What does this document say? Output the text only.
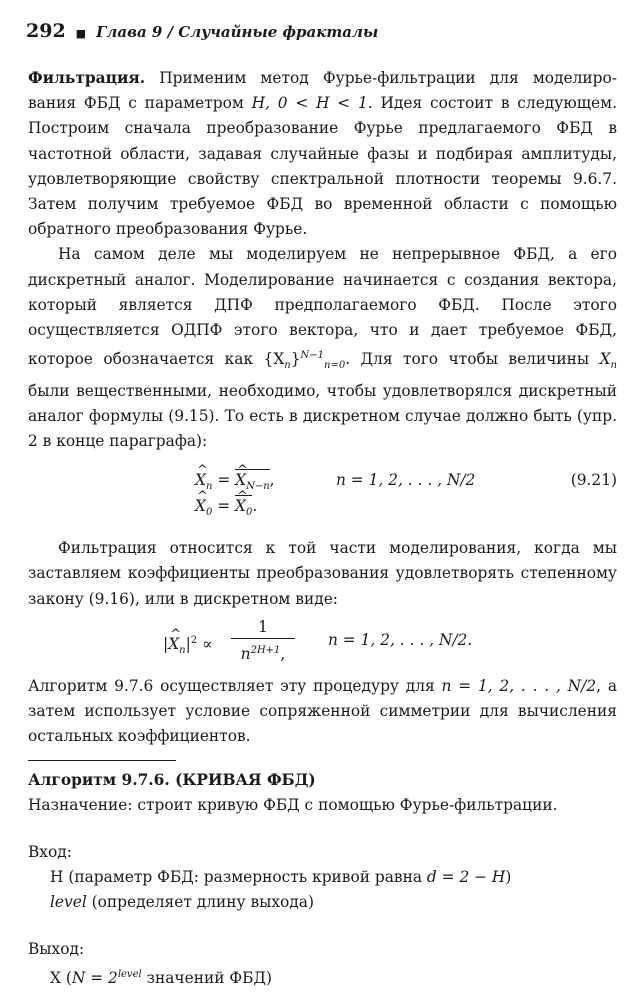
292 ■ Глава 9 / Случайные фракталы

Фильтрация. Применим метод Фурье-фильтрации для моделиро-вания ФБД с параметром H, 0 < H < 1. Идея состоит в следующем. Построим сначала преобразование Фурье предлагаемого ФБД в частотной области, задавая случайные фазы и подбирая амплитуды, удовлетворяющие свойству спектральной плотности теоремы 9.6.7. Затем получим требуемое ФБД во временной области с помощью обратного преобразования Фурье.

На самом деле мы моделируем не непрерывное ФБД, а его дискретный аналог. Моделирование начинается с создания вектора, который является ДПФ предполагаемого ФБД. После этого осуществляется ОДПФ этого вектора, что и дает требуемое ФБД, которое обозначается как $\{X_n\}^{N-1}_{n=0}$. Для того чтобы величины $X_n$ были вещественными, необходимо, чтобы удовлетворялся дискретный аналог формулы (9.15). То есть в дискретном случае должно быть (упр. 2 в конце параграфа):

^ $X_n$ = ^ $X_{N-n}$,	n = 1, 2, . . . , N/2	(9.21)
^ $X_0$ = ^ $X_0$.

Фильтрация относится к той части моделирования, когда мы заставляем коэффициенты преобразования удовлетворять степенному закону (9.16), или в дискретном виде:

|^ $X_n|^2 \propto \frac{1}{n^{2H+1},}$ n = 1, 2, . . . , N/2.

Алгоритм 9.7.6 осуществляет эту процедуру для n = 1, 2, . . . , N/2, а затем использует условие сопряженной симметрии для вычисления остальных коэффициентов.

Алгоритм 9.7.6. (КРИВАЯ ФБД)

Назначение: строит кривую ФБД с помощью Фурье-фильтрации.

Вход:

H (параметр ФБД: размерность кривой равна d = 2 − H)

level (определяет длину выхода)

Выход:

X ($N = 2^{level}$ значений ФБД)
